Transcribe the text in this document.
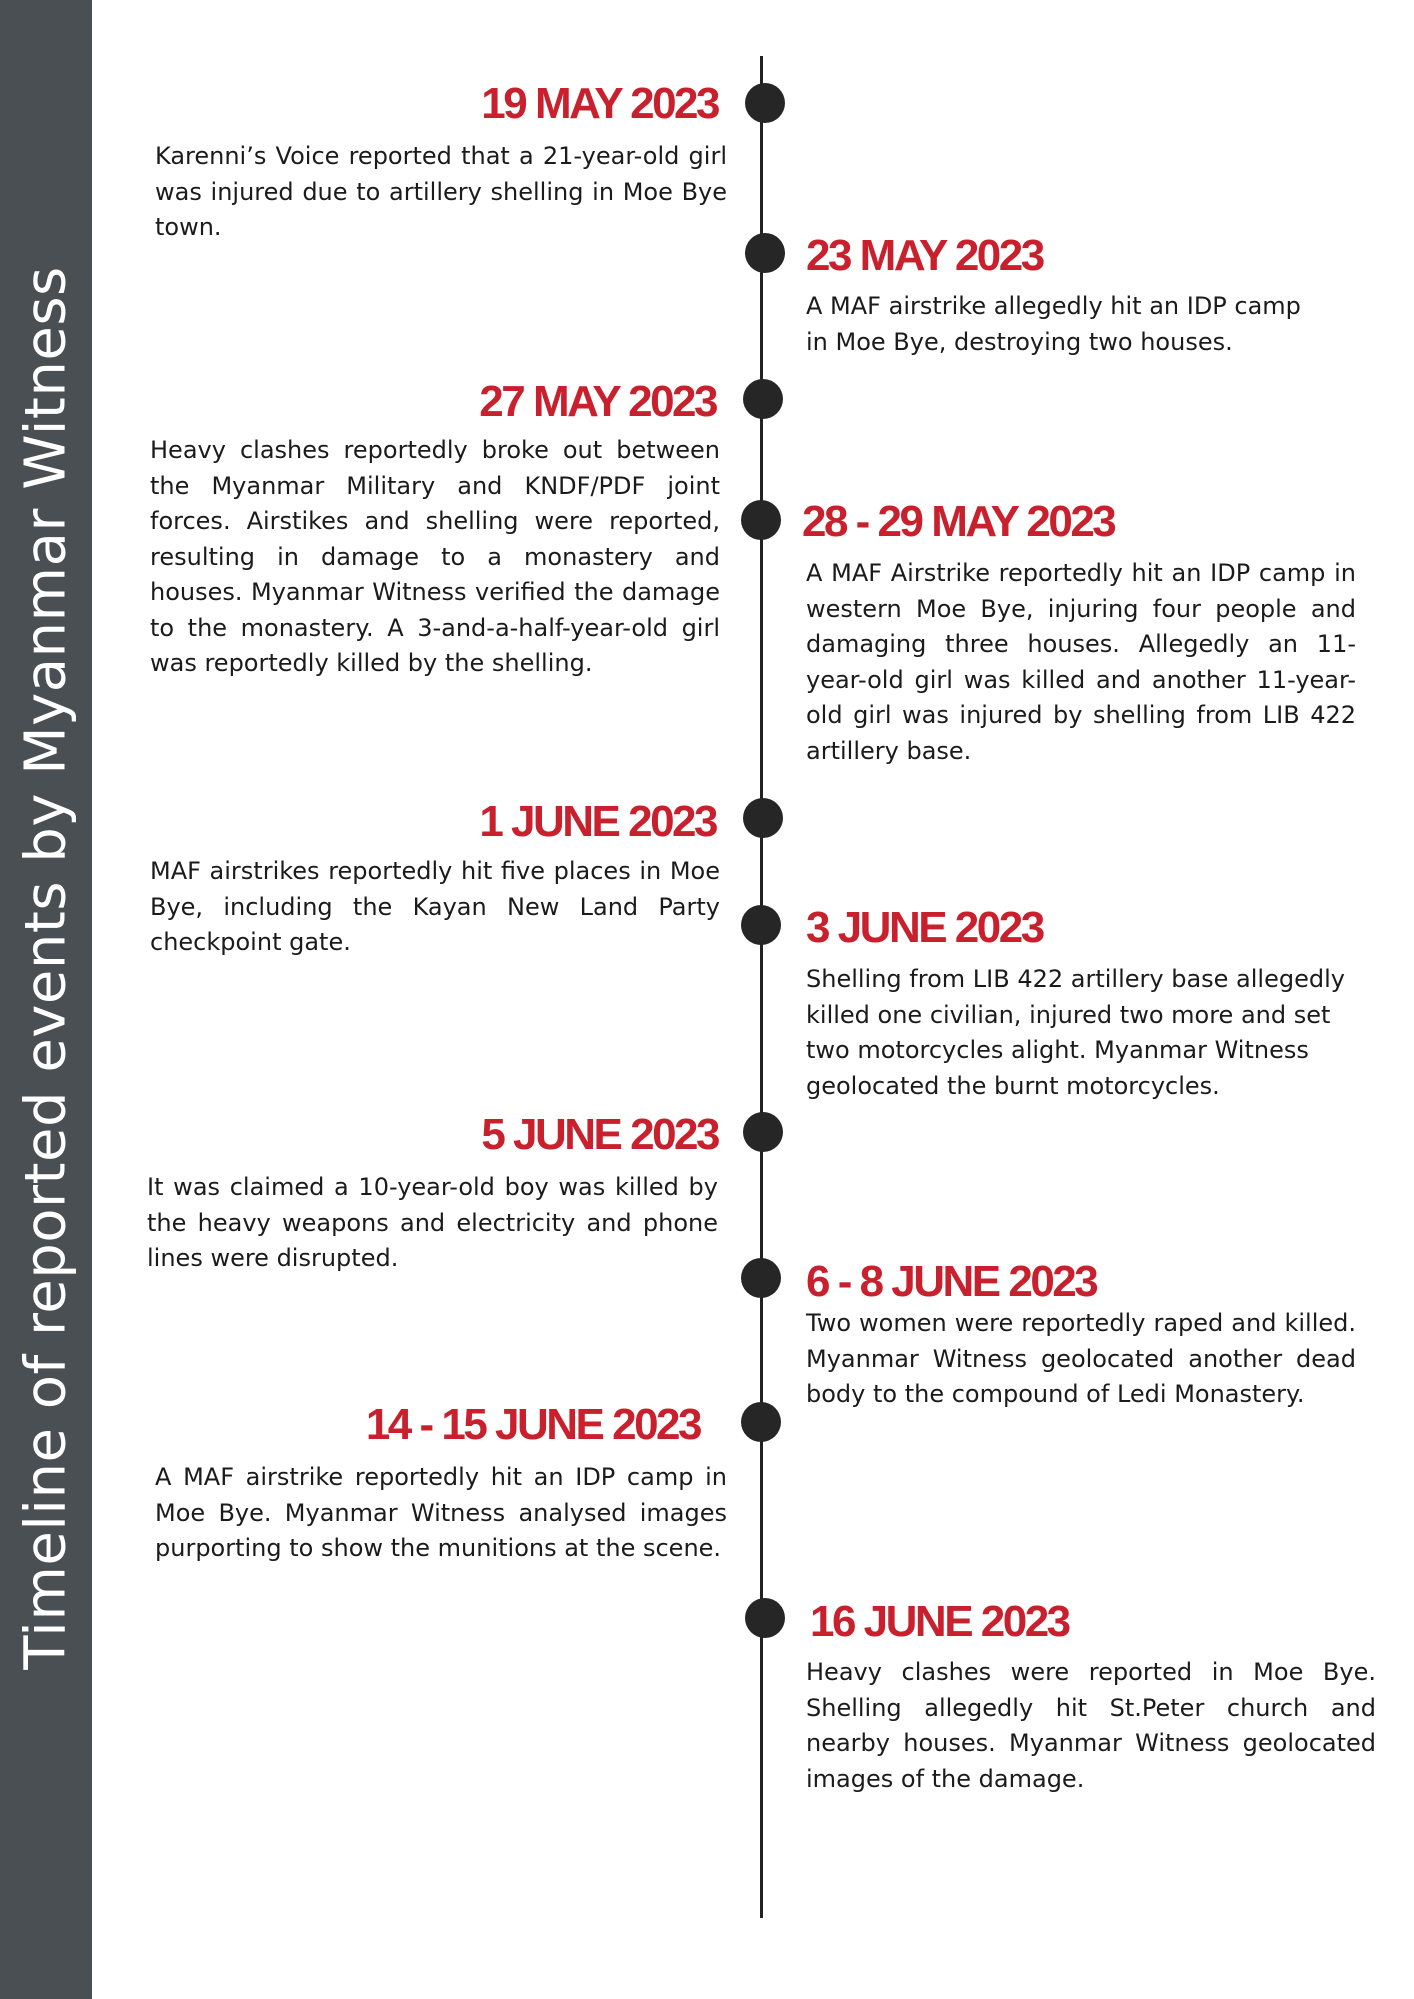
Timeline of reported events by Myanmar Witness
19 MAY 2023

Karenni’s Voice reported that a 21-year-old girl was injured due to artillery shelling in Moe Bye town.

23 MAY 2023

A MAF airstrike allegedly hit an IDP camp in Moe Bye, destroying two houses.

27 MAY 2023

Heavy clashes reportedly broke out between the Myanmar Military and KNDF/PDF joint forces. Airstikes and shelling were reported, resulting in damage to a monastery and houses. Myanmar Witness verified the damage to the monastery. A 3-and-a-half-year-old girl was reportedly killed by the shelling.

28 - 29 MAY 2023

A MAF Airstrike reportedly hit an IDP camp in western Moe Bye, injuring four people and damaging three houses. Allegedly an 11-year-old girl was killed and another 11-year-old girl was injured by shelling from LIB 422 artillery base.

1 JUNE 2023

MAF airstrikes reportedly hit five places in Moe Bye, including the Kayan New Land Party checkpoint gate.	3 JUNE 2023

Shelling from LIB 422 artillery base allegedly killed one civilian, injured two more and set two motorcycles alight. Myanmar Witness geolocated the burnt motorcycles.

5 JUNE 2023

It was claimed a 10-year-old boy was killed by the heavy weapons and electricity and phone lines were disrupted.	6 - 8 JUNE 2023

Two women were reportedly raped and killed. Myanmar Witness geolocated another dead body to the compound of Ledi Monastery.

14 - 15 JUNE 2023

A MAF airstrike reportedly hit an IDP camp in Moe Bye. Myanmar Witness analysed images purporting to show the munitions at the scene.

16 JUNE 2023

Heavy clashes were reported in Moe Bye. Shelling allegedly hit St.Peter church and nearby houses. Myanmar Witness geolocated images of the damage.
